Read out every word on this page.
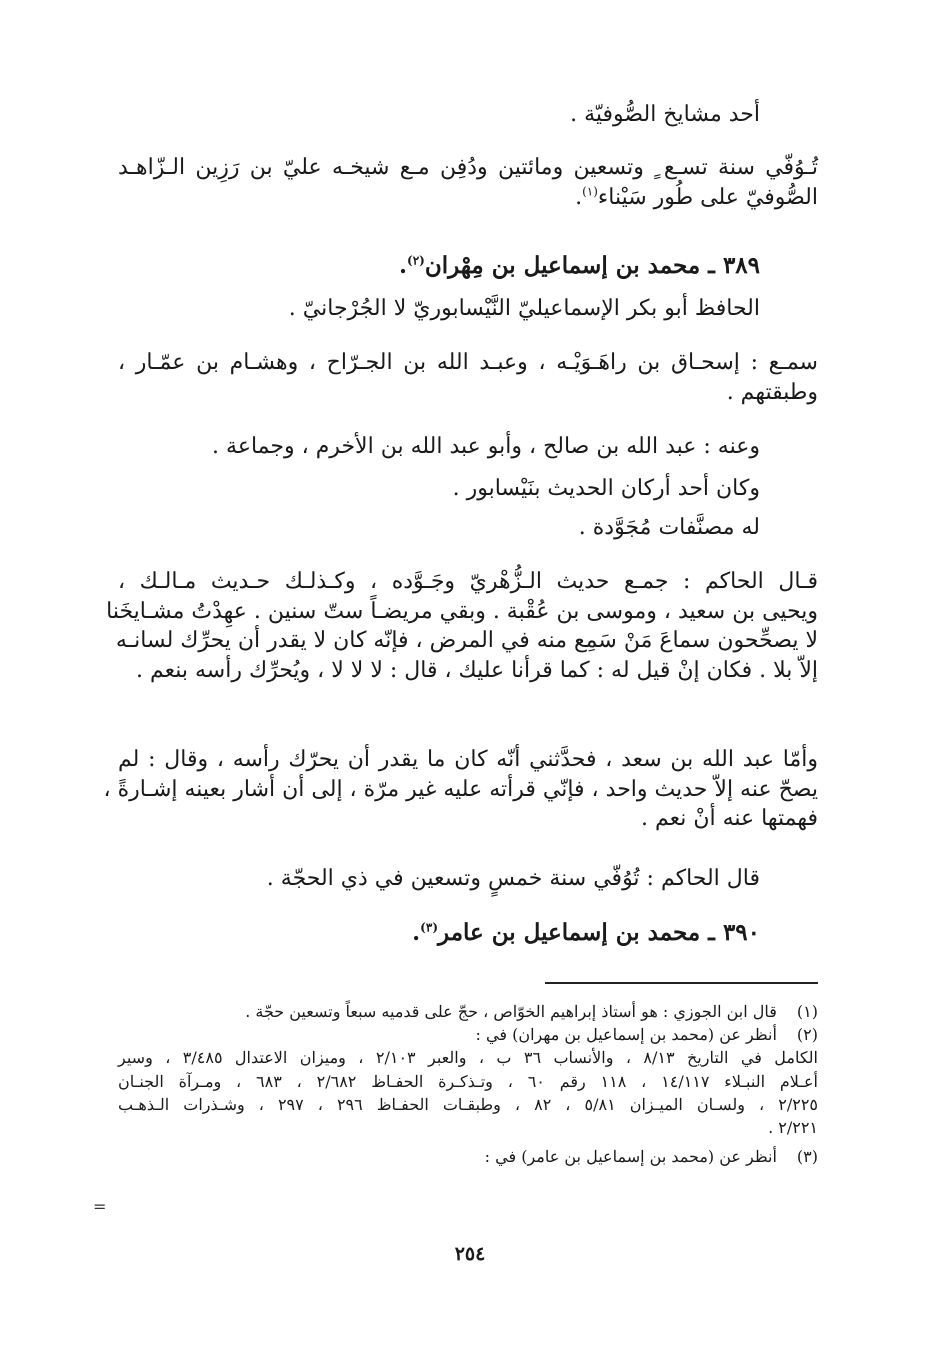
أحد مشايخ الصُّوفيّة .

تُـوُفّي سنة تسـع ٍ وتسعين ومائتين ودُفِن مـع شيخـه عليّ بن رَزِين الـزّاهـد
الصُّوفيّ على طُور سَيْناء$^{(١)}$.

٣٨٩ ـ محمد بن إسماعيل بن مِهْران$^{(٢)}$.

الحافظ أبو بكر الإسماعيليّ النَّيْسابوريّ لا الجُرْجانيّ .

سمـع : إسحـاق بن راهَـوَيْـه ، وعبـد الله بن الجـرّاح ، وهشـام بن عمّـار ،
وطبقتهم .

وعنه : عبد الله بن صالح ، وأبو عبد الله بن الأخرم ، وجماعة .

وكان أحد أركان الحديث بنَيْسابور .

له مصنَّفات مُجَوَّدة .

قـال الحاكم : جمـع حديث الـزُّهْريّ وجَـوَّده ، وكـذلـك حـديث مـالـك ،
ويحيى بن سعيد ، وموسى بن عُقْبة . وبقي مريضـاً ستّ سنين . عهِدْتُ مشـايخَنا
لا يصحِّحون سماعَ مَنْ سَمِع منه في المرض ، فإنّه كان لا يقدر أن يحرِّك لسانـه
إلاّ بلا . فكان إنْ قيل له : كما قرأنا عليك ، قال : لا لا لا ، ويُحرِّك رأسه بنعم .

وأمّا عبد الله بن سعد ، فحدَّثني أنّه كان ما يقدر أن يحرّك رأسه ، وقال : لم
يصحّ عنه إلاّ حديث واحد ، فإنّي قرأته عليه غير مرّة ، إلى أن أشار بعينه إشـارةً ،
فهمتها عنه أنْ نعم .

قال الحاكم : تُوُفّي سنة خمسٍ وتسعين في ذي الحجّة .

٣٩٠ ـ محمد بن إسماعيل بن عامر$^{(٣)}$.

(١) قال ابن الجوزي : هو أستاذ إبراهيم الخوّاص ، حجّ على قدميه سبعاً وتسعين حجّة .
(٢) أنظر عن (محمد بن إسماعيل بن مهران) في :
الكامل في التاريخ ٨/١٣ ، والأنساب ٣٦ ب ، والعبر ٢/١٠٣ ، وميزان الاعتدال ٣/٤٨٥ ، وسير
أعـلام النبـلاء ١٤/١١٧ ، ١١٨ رقم ٦٠ ، وتـذكـرة الحفـاظ ٢/٦٨٢ ، ٦٨٣ ، ومـرآة الجنـان
٢/٢٢٥ ، ولسـان الميـزان ٥/٨١ ، ٨٢ ، وطبقـات الحفـاظ ٢٩٦ ، ٢٩٧ ، وشـذرات الـذهـب
٢/٢٢١ .
(٣) أنظر عن (محمد بن إسماعيل بن عامر) في :
=
٢٥٤
